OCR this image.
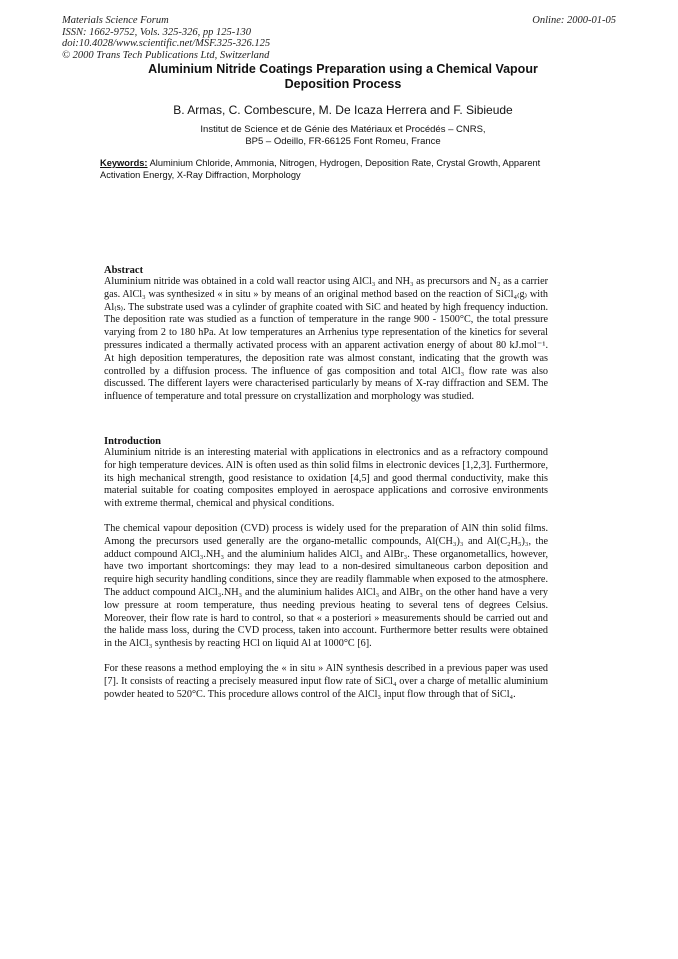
Materials Science Forum
ISSN: 1662-9752, Vols. 325-326, pp 125-130
doi:10.4028/www.scientific.net/MSF.325-326.125
© 2000 Trans Tech Publications Ltd, Switzerland
Online: 2000-01-05
Aluminium Nitride Coatings Preparation using a Chemical Vapour
Deposition Process
B. Armas, C. Combescure, M. De Icaza Herrera and F. Sibieude
Institut de Science et de Génie des Matériaux et Procédés – CNRS,
BP5 – Odeillo, FR-66125 Font Romeu, France
Keywords: Aluminium Chloride, Ammonia, Nitrogen, Hydrogen, Deposition Rate, Crystal Growth, Apparent Activation Energy, X-Ray Diffraction, Morphology
Abstract

Aluminium nitride was obtained in a cold wall reactor using AlCl₃ and NH₃ as precursors and N₂ as a carrier gas. AlCl₃ was synthesized « in situ » by means of an original method based on the reaction of SiCl₄₍g₎ with Al₍s₎. The substrate used was a cylinder of graphite coated with SiC and heated by high frequency induction. The deposition rate was studied as a function of temperature in the range 900 - 1500°C, the total pressure varying from 2 to 180 hPa. At low temperatures an Arrhenius type representation of the kinetics for several pressures indicated a thermally activated process with an apparent activation energy of about 80 kJ.mol⁻¹. At high deposition temperatures, the deposition rate was almost constant, indicating that the growth was controlled by a diffusion process. The influence of gas composition and total AlCl₃ flow rate was also discussed. The different layers were characterised particularly by means of X-ray diffraction and SEM. The influence of temperature and total pressure on crystallization and morphology was studied.

Introduction

Aluminium nitride is an interesting material with applications in electronics and as a refractory compound for high temperature devices. AlN is often used as thin solid films in electronic devices [1,2,3]. Furthermore, its high mechanical strength, good resistance to oxidation [4,5] and good thermal conductivity, make this material suitable for coating composites employed in aerospace applications and corrosive environments with extreme thermal, chemical and physical conditions.

The chemical vapour deposition (CVD) process is widely used for the preparation of AlN thin solid films. Among the precursors used generally are the organo-metallic compounds, Al(CH₃)₃ and Al(C₂H₅)₃, the adduct compound AlCl₃.NH₃ and the aluminium halides AlCl₃ and AlBr₃. These organometallics, however, have two important shortcomings: they may lead to a non-desired simultaneous carbon deposition and require high security handling conditions, since they are readily flammable when exposed to the atmosphere. The adduct compound AlCl₃.NH₃ and the aluminium halides AlCl₃ and AlBr₃ on the other hand have a very low pressure at room temperature, thus needing previous heating to several tens of degrees Celsius. Moreover, their flow rate is hard to control, so that « a posteriori » measurements should be carried out and the halide mass loss, during the CVD process, taken into account. Furthermore better results were obtained in the AlCl₃ synthesis by reacting HCl on liquid Al at 1000°C [6].

For these reasons a method employing the « in situ » AlN synthesis described in a previous paper was used [7]. It consists of reacting a precisely measured input flow rate of SiCl₄ over a charge of metallic aluminium powder heated to 520°C. This procedure allows control of the AlCl₃ input flow through that of SiCl₄.
